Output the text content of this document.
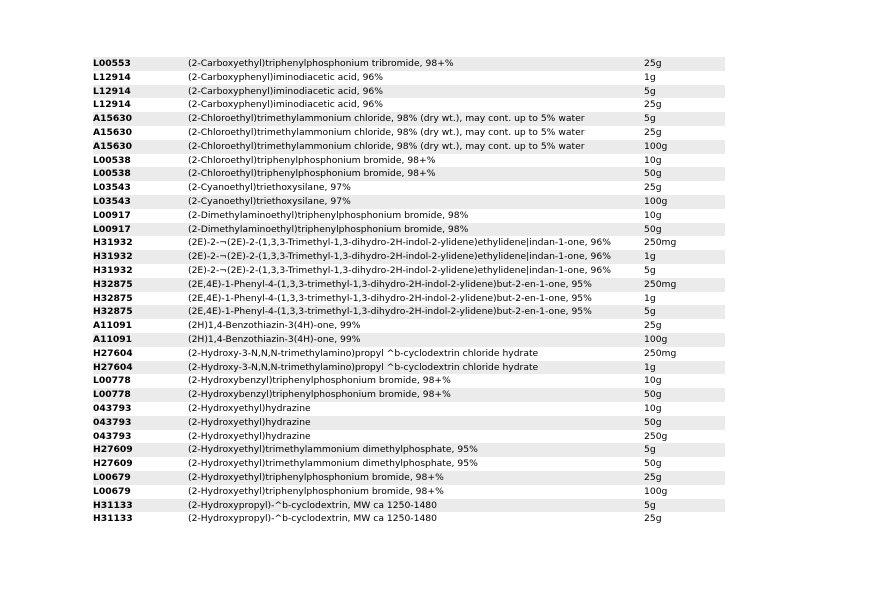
L00553	(2-Carboxyethyl)triphenylphosphonium tribromide, 98+%	25g
L12914	(2-Carboxyphenyl)iminodiacetic acid, 96%	1g
L12914	(2-Carboxyphenyl)iminodiacetic acid, 96%	5g
L12914	(2-Carboxyphenyl)iminodiacetic acid, 96%	25g
A15630	(2-Chloroethyl)trimethylammonium chloride, 98% (dry wt.), may cont. up to 5% water	5g
A15630	(2-Chloroethyl)trimethylammonium chloride, 98% (dry wt.), may cont. up to 5% water	25g
A15630	(2-Chloroethyl)trimethylammonium chloride, 98% (dry wt.), may cont. up to 5% water	100g
L00538	(2-Chloroethyl)triphenylphosphonium bromide, 98+%	10g
L00538	(2-Chloroethyl)triphenylphosphonium bromide, 98+%	50g
L03543	(2-Cyanoethyl)triethoxysilane, 97%	25g
L03543	(2-Cyanoethyl)triethoxysilane, 97%	100g
L00917	(2-Dimethylaminoethyl)triphenylphosphonium bromide, 98%	10g
L00917	(2-Dimethylaminoethyl)triphenylphosphonium bromide, 98%	50g
H31932	(2E)-2-¬(2E)-2-(1,3,3-Trimethyl-1,3-dihydro-2H-indol-2-ylidene)ethylidene|indan-1-one, 96%	250mg
H31932	(2E)-2-¬(2E)-2-(1,3,3-Trimethyl-1,3-dihydro-2H-indol-2-ylidene)ethylidene|indan-1-one, 96%	1g
H31932	(2E)-2-¬(2E)-2-(1,3,3-Trimethyl-1,3-dihydro-2H-indol-2-ylidene)ethylidene|indan-1-one, 96%	5g
H32875	(2E,4E)-1-Phenyl-4-(1,3,3-trimethyl-1,3-dihydro-2H-indol-2-ylidene)but-2-en-1-one, 95%	250mg
H32875	(2E,4E)-1-Phenyl-4-(1,3,3-trimethyl-1,3-dihydro-2H-indol-2-ylidene)but-2-en-1-one, 95%	1g
H32875	(2E,4E)-1-Phenyl-4-(1,3,3-trimethyl-1,3-dihydro-2H-indol-2-ylidene)but-2-en-1-one, 95%	5g
A11091	(2H)1,4-Benzothiazin-3(4H)-one, 99%	25g
A11091	(2H)1,4-Benzothiazin-3(4H)-one, 99%	100g
H27604	(2-Hydroxy-3-N,N,N-trimethylamino)propyl ^b-cyclodextrin chloride hydrate	250mg
H27604	(2-Hydroxy-3-N,N,N-trimethylamino)propyl ^b-cyclodextrin chloride hydrate	1g
L00778	(2-Hydroxybenzyl)triphenylphosphonium bromide, 98+%	10g
L00778	(2-Hydroxybenzyl)triphenylphosphonium bromide, 98+%	50g
043793	(2-Hydroxyethyl)hydrazine	10g
043793	(2-Hydroxyethyl)hydrazine	50g
043793	(2-Hydroxyethyl)hydrazine	250g
H27609	(2-Hydroxyethyl)trimethylammonium dimethylphosphate, 95%	5g
H27609	(2-Hydroxyethyl)trimethylammonium dimethylphosphate, 95%	50g
L00679	(2-Hydroxyethyl)triphenylphosphonium bromide, 98+%	25g
L00679	(2-Hydroxyethyl)triphenylphosphonium bromide, 98+%	100g
H31133	(2-Hydroxypropyl)-^b-cyclodextrin, MW ca 1250-1480	5g
H31133	(2-Hydroxypropyl)-^b-cyclodextrin, MW ca 1250-1480	25g
